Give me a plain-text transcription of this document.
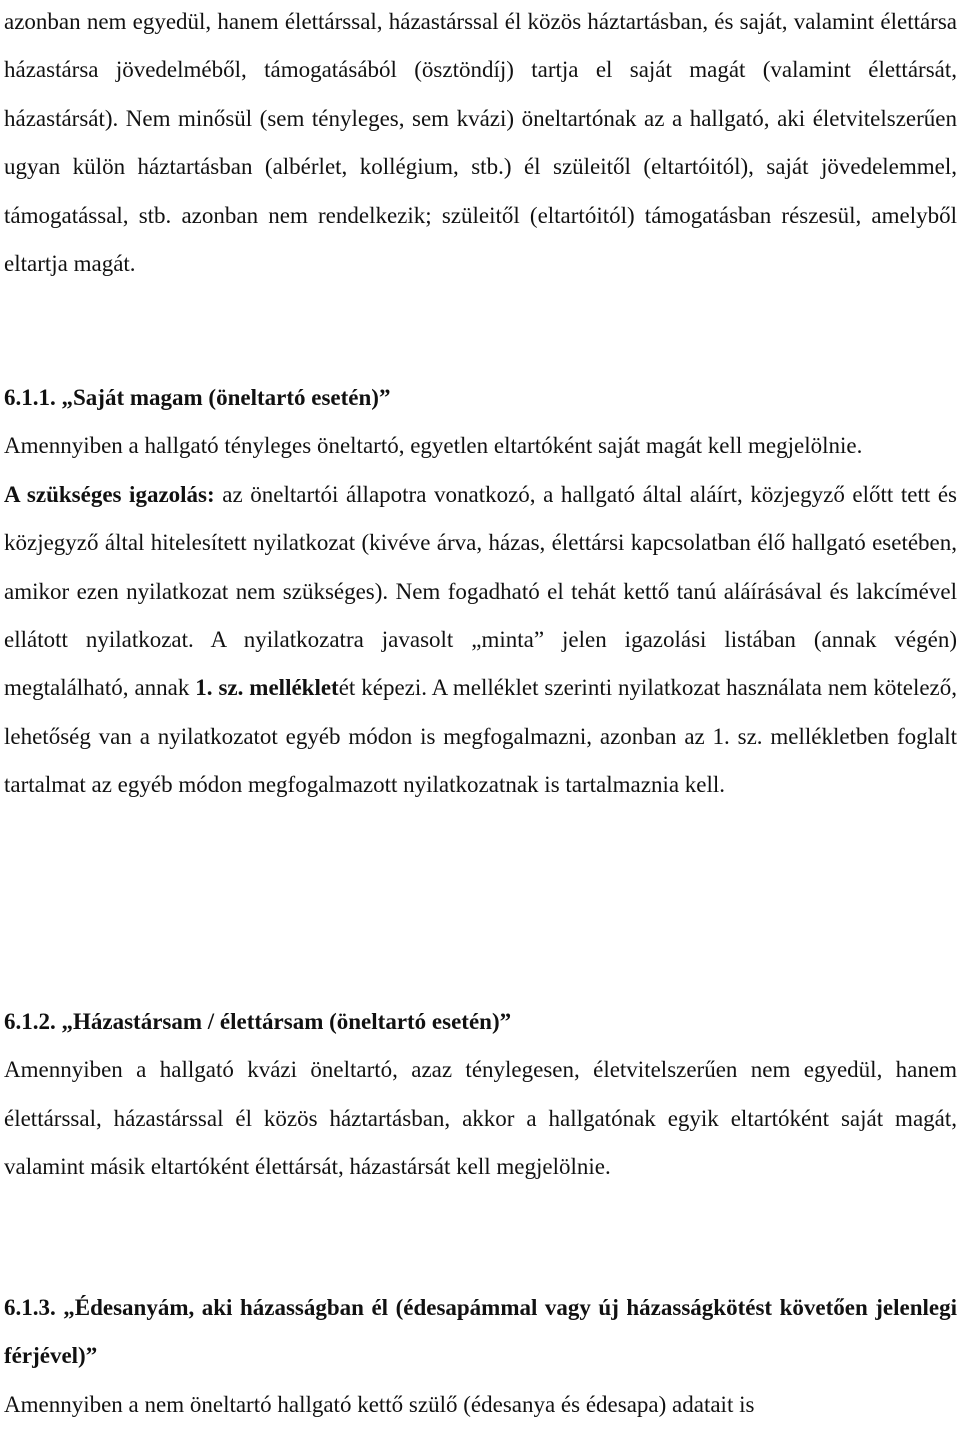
azonban nem egyedül, hanem élettárssal, házastárssal él közös háztartásban, és saját, valamint élettársa házastársa jövedelméből, támogatásából (ösztöndíj) tartja el saját magát (valamint élettársát, házastársát). Nem minősül (sem tényleges, sem kvázi) öneltartónak az a hallgató, aki életvitelszerűen ugyan külön háztartásban (albérlet, kollégium, stb.) él szüleitől (eltartóitól), saját jövedelemmel, támogatással, stb. azonban nem rendelkezik; szüleitől (eltartóitól) támogatásban részesül, amelyből eltartja magát.

6.1.1. „Saját magam (öneltartó esetén)”

Amennyiben a hallgató tényleges öneltartó, egyetlen eltartóként saját magát kell megjelölnie.

A szükséges igazolás: az öneltartói állapotra vonatkozó, a hallgató által aláírt, közjegyző előtt tett és közjegyző által hitelesített nyilatkozat (kivéve árva, házas, élettársi kapcsolatban élő hallgató esetében, amikor ezen nyilatkozat nem szükséges). Nem fogadható el tehát kettő tanú aláírásával és lakcímével ellátott nyilatkozat. A nyilatkozatra javasolt „minta” jelen igazolási listában (annak végén) megtalálható, annak 1. sz. mellékletét képezi. A melléklet szerinti nyilatkozat használata nem kötelező, lehetőség van a nyilatkozatot egyéb módon is megfogalmazni, azonban az 1. sz. mellékletben foglalt tartalmat az egyéb módon megfogalmazott nyilatkozatnak is tartalmaznia kell.

6.1.2. „Házastársam / élettársam (öneltartó esetén)”

Amennyiben a hallgató kvázi öneltartó, azaz ténylegesen, életvitelszerűen nem egyedül, hanem élettárssal, házastárssal él közös háztartásban, akkor a hallgatónak egyik eltartóként saját magát, valamint másik eltartóként élettársát, házastársát kell megjelölnie.

6.1.3. „Édesanyám, aki házasságban él (édesapámmal vagy új házasságkötést követően jelenlegi férjével)”

Amennyiben a nem öneltartó hallgató kettő szülő (édesanya és édesapa) adatait is
